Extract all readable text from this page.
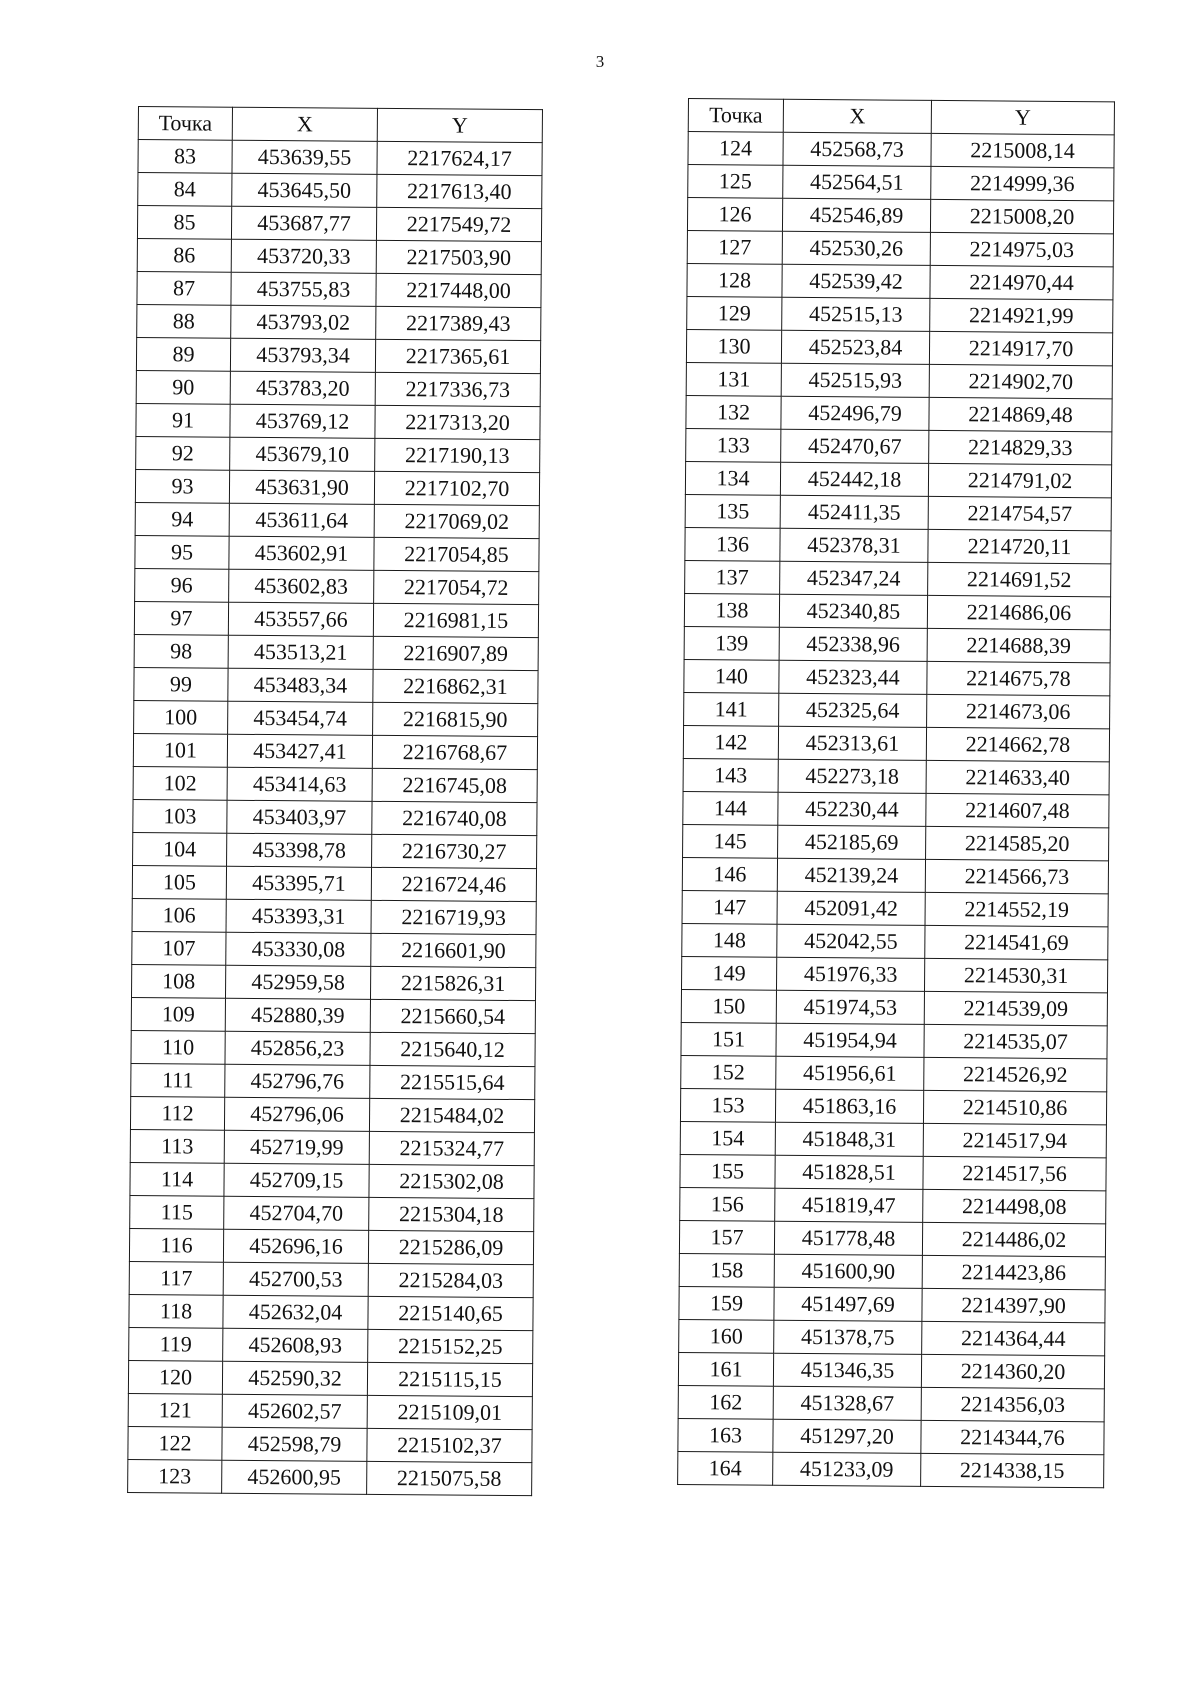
3
Точка	X	Y
83	453639,55	2217624,17
84	453645,50	2217613,40
85	453687,77	2217549,72
86	453720,33	2217503,90
87	453755,83	2217448,00
88	453793,02	2217389,43
89	453793,34	2217365,61
90	453783,20	2217336,73
91	453769,12	2217313,20
92	453679,10	2217190,13
93	453631,90	2217102,70
94	453611,64	2217069,02
95	453602,91	2217054,85
96	453602,83	2217054,72
97	453557,66	2216981,15
98	453513,21	2216907,89
99	453483,34	2216862,31
100	453454,74	2216815,90
101	453427,41	2216768,67
102	453414,63	2216745,08
103	453403,97	2216740,08
104	453398,78	2216730,27
105	453395,71	2216724,46
106	453393,31	2216719,93
107	453330,08	2216601,90
108	452959,58	2215826,31
109	452880,39	2215660,54
110	452856,23	2215640,12
111	452796,76	2215515,64
112	452796,06	2215484,02
113	452719,99	2215324,77
114	452709,15	2215302,08
115	452704,70	2215304,18
116	452696,16	2215286,09
117	452700,53	2215284,03
118	452632,04	2215140,65
119	452608,93	2215152,25
120	452590,32	2215115,15
121	452602,57	2215109,01
122	452598,79	2215102,37
123	452600,95	2215075,58
Точка	X	Y
124	452568,73	2215008,14
125	452564,51	2214999,36
126	452546,89	2215008,20
127	452530,26	2214975,03
128	452539,42	2214970,44
129	452515,13	2214921,99
130	452523,84	2214917,70
131	452515,93	2214902,70
132	452496,79	2214869,48
133	452470,67	2214829,33
134	452442,18	2214791,02
135	452411,35	2214754,57
136	452378,31	2214720,11
137	452347,24	2214691,52
138	452340,85	2214686,06
139	452338,96	2214688,39
140	452323,44	2214675,78
141	452325,64	2214673,06
142	452313,61	2214662,78
143	452273,18	2214633,40
144	452230,44	2214607,48
145	452185,69	2214585,20
146	452139,24	2214566,73
147	452091,42	2214552,19
148	452042,55	2214541,69
149	451976,33	2214530,31
150	451974,53	2214539,09
151	451954,94	2214535,07
152	451956,61	2214526,92
153	451863,16	2214510,86
154	451848,31	2214517,94
155	451828,51	2214517,56
156	451819,47	2214498,08
157	451778,48	2214486,02
158	451600,90	2214423,86
159	451497,69	2214397,90
160	451378,75	2214364,44
161	451346,35	2214360,20
162	451328,67	2214356,03
163	451297,20	2214344,76
164	451233,09	2214338,15
